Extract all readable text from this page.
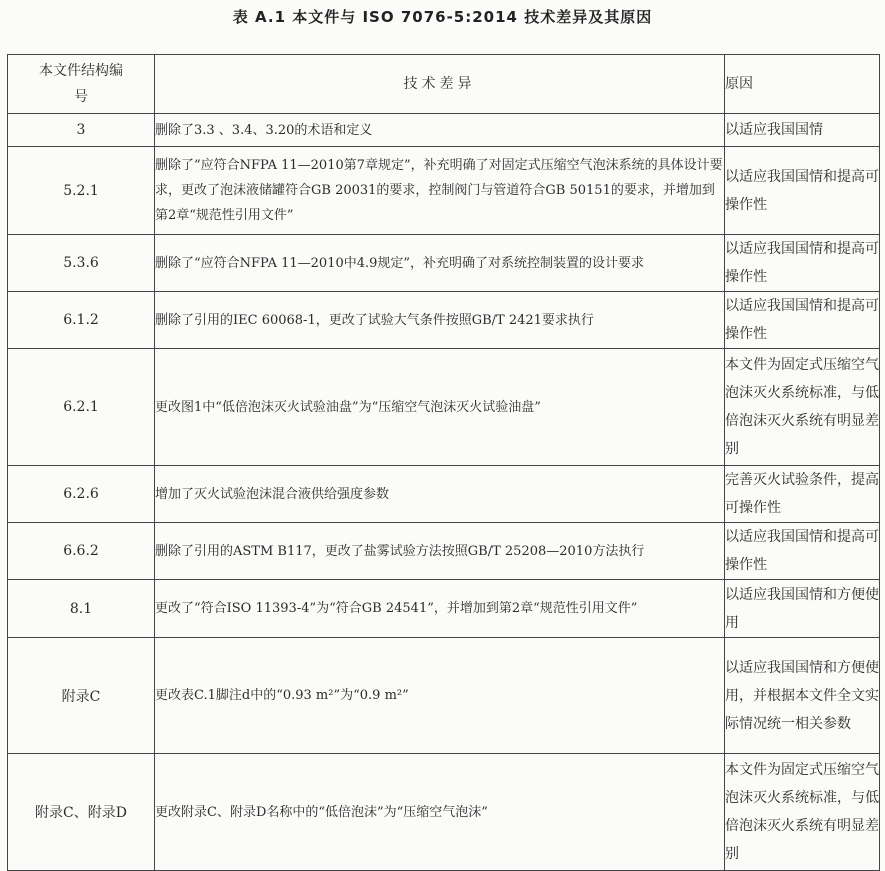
表 A.1 本文件与 ISO 7076-5:2014 技术差异及其原因
本文件结构编号	技术差异	原因
3	删除了3.3 、3.4、3.20的术语和定义	以适应我国国情
5.2.1	删除了“应符合NFPA 11—2010第7章规定”，补充明确了对固定式压缩空气泡沫系统的具体设计要求，更改了泡沫液储罐符合GB 20031的要求，控制阀门与管道符合GB 50151的要求，并增加到第2章“规范性引用文件”	以适应我国国情和提高可操作性
5.3.6	删除了“应符合NFPA 11—2010中4.9规定”，补充明确了对系统控制装置的设计要求	以适应我国国情和提高可操作性
6.1.2	删除了引用的IEC 60068-1，更改了试验大气条件按照GB/T 2421要求执行	以适应我国国情和提高可操作性
6.2.1	更改图1中“低倍泡沫灭火试验油盘”为“压缩空气泡沫灭火试验油盘”	本文件为固定式压缩空气泡沫灭火系统标准，与低倍泡沫灭火系统有明显差别
6.2.6	增加了灭火试验泡沫混合液供给强度参数	完善灭火试验条件，提高可操作性
6.6.2	删除了引用的ASTM B117，更改了盐雾试验方法按照GB/T 25208—2010方法执行	以适应我国国情和提高可操作性
8.1	更改了“符合ISO 11393-4”为“符合GB 24541”，并增加到第2章“规范性引用文件”	以适应我国国情和方便使用
附录C	更改表C.1脚注d中的“0.93 m²”为“0.9 m²”	以适应我国国情和方便使用，并根据本文件全文实际情况统一相关参数
附录C、附录D	更改附录C、附录D名称中的“低倍泡沫”为“压缩空气泡沫”	本文件为固定式压缩空气泡沫灭火系统标准，与低倍泡沫灭火系统有明显差别
